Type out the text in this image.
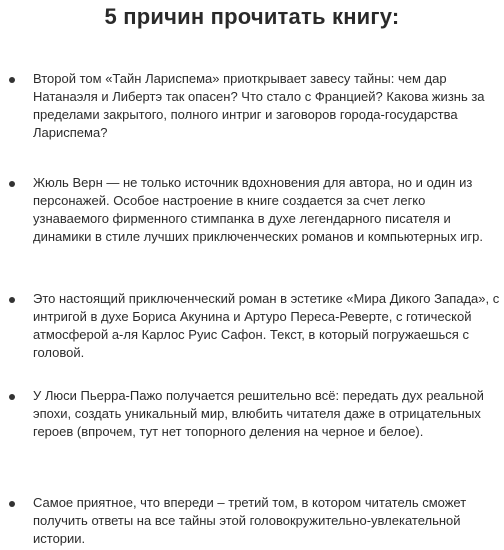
5 причин прочитать книгу:
Второй том «Тайн Лариспема» приоткрывает завесу тайны: чем дар Натанаэля и Либертэ так опасен? Что стало с Францией? Какова жизнь за пределами закрытого, полного интриг и заговоров города-государства Лариспема?
Жюль Верн — не только источник вдохновения для автора, но и один из персонажей. Особое настроение в книге создается за счет легко узнаваемого фирменного стимпанка в духе легендарного писателя и динамики в стиле лучших приключенческих романов и компьютерных игр.
Это настоящий приключенческий роман в эстетике «Мира Дикого Запада», с интригой в духе Бориса Акунина и Артуро Переса-Реверте, с готической атмосферой а-ля Карлос Руис Сафон. Текст, в который погружаешься с головой.
У Люси Пьерра-Пажо получается решительно всё: передать дух реальной эпохи, создать уникальный мир, влюбить читателя даже в отрицательных героев (впрочем, тут нет топорного деления на черное и белое).
Самое приятное, что впереди – третий том, в котором читатель сможет получить ответы на все тайны этой головокружительно-увлекательной истории.
